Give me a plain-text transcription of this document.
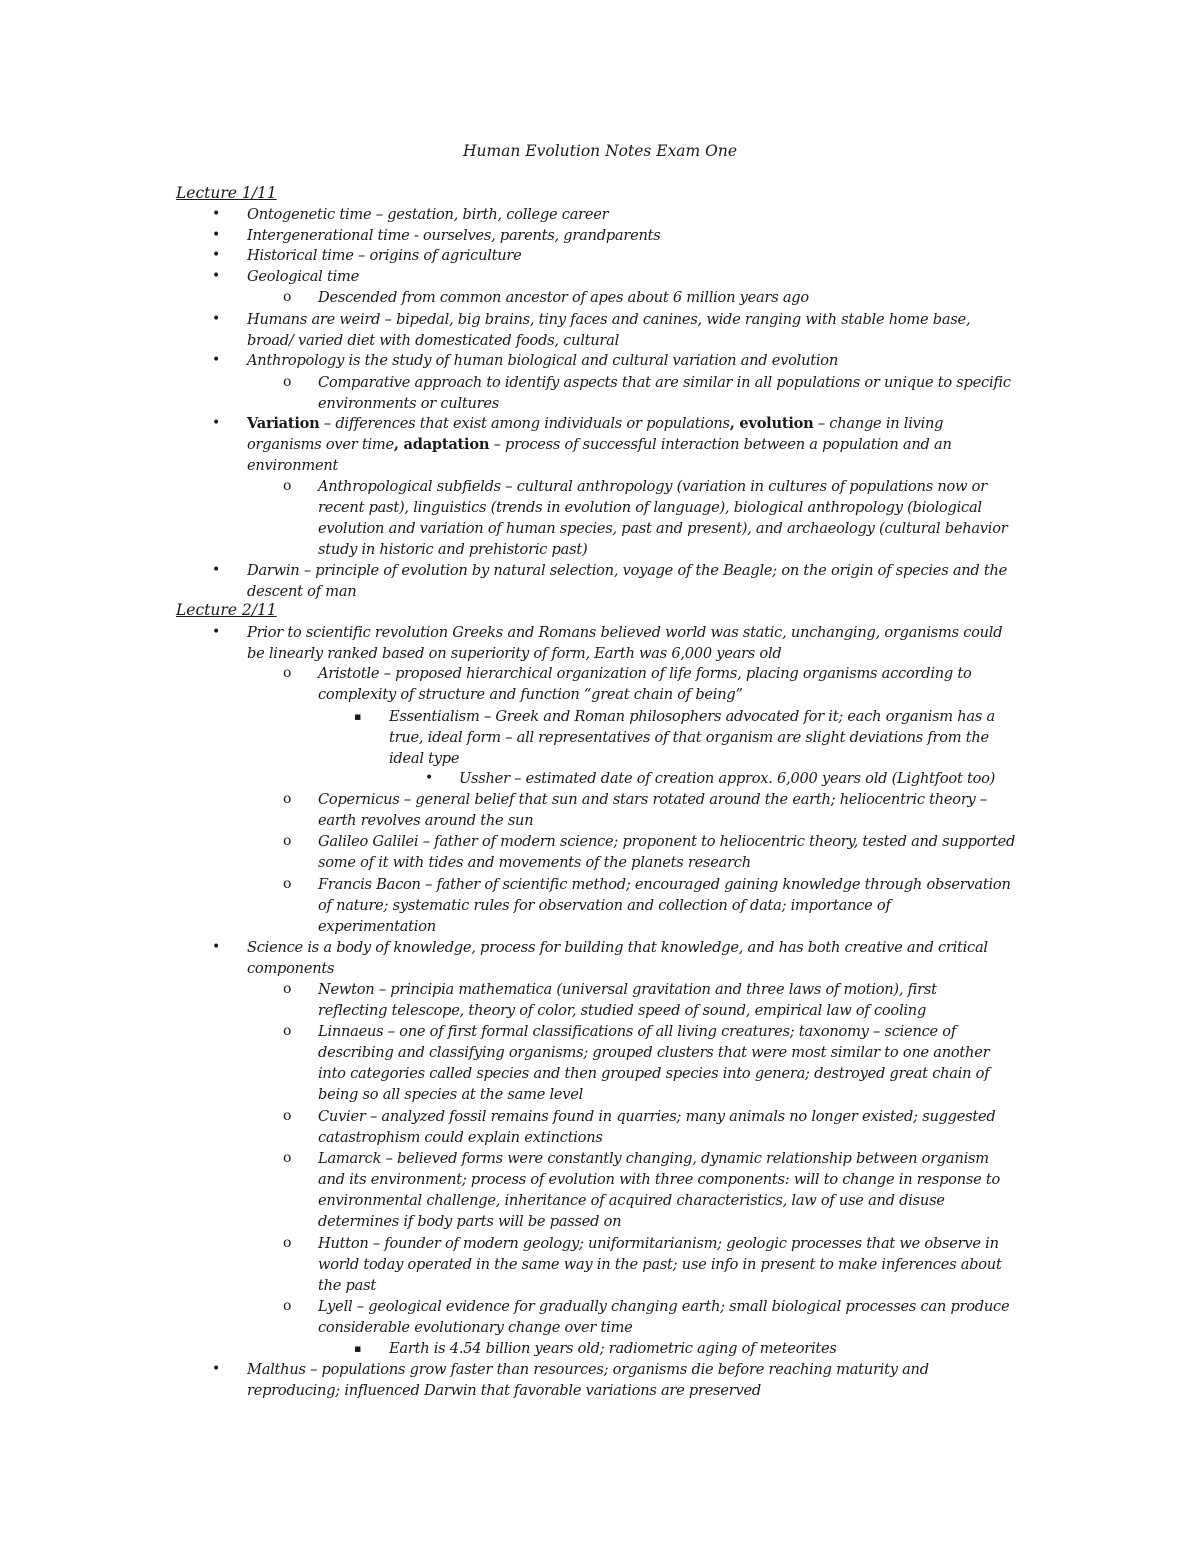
Human Evolution Notes Exam One
Lecture 1/11
• Ontogenetic time – gestation, birth, college career
• Intergenerational time - ourselves, parents, grandparents
• Historical time – origins of agriculture
• Geological time
o Descended from common ancestor of apes about 6 million years ago
• Humans are weird – bipedal, big brains, tiny faces and canines, wide ranging with stable home base,
broad/ varied diet with domesticated foods, cultural
• Anthropology is the study of human biological and cultural variation and evolution
o Comparative approach to identify aspects that are similar in all populations or unique to specific
environments or cultures
o Anthropological subfields – cultural anthropology (variation in cultures of populations now or
recent past), linguistics (trends in evolution of language), biological anthropology (biological
evolution and variation of human species, past and present), and archaeology (cultural behavior
study in historic and prehistoric past)
• Darwin – principle of evolution by natural selection, voyage of the Beagle; on the origin of species and the
descent of man
• Variation – differences that exist among individuals or populations, evolution – change in living
organisms over time, adaptation – process of successful interaction between a population and an
environment
• Prior to scientific revolution Greeks and Romans believed world was static, unchanging, organisms could
be linearly ranked based on superiority of form, Earth was 6,000 years old
o Aristotle – proposed hierarchical organization of life forms, placing organisms according to
complexity of structure and function “great chain of being”
▪ Essentialism – Greek and Roman philosophers advocated for it; each organism has a
true, ideal form – all representatives of that organism are slight deviations from the
ideal type
• Ussher – estimated date of creation approx. 6,000 years old (Lightfoot too)
o Copernicus – general belief that sun and stars rotated around the earth; heliocentric theory –
earth revolves around the sun
o Galileo Galilei – father of modern science; proponent to heliocentric theory, tested and supported
some of it with tides and movements of the planets research
o Francis Bacon – father of scientific method; encouraged gaining knowledge through observation
of nature; systematic rules for observation and collection of data; importance of
experimentation
• Science is a body of knowledge, process for building that knowledge, and has both creative and critical
components
o Newton – principia mathematica (universal gravitation and three laws of motion), first
reflecting telescope, theory of color, studied speed of sound, empirical law of cooling
o Linnaeus – one of first formal classifications of all living creatures; taxonomy – science of
describing and classifying organisms; grouped clusters that were most similar to one another
into categories called species and then grouped species into genera; destroyed great chain of
being so all species at the same level
o Cuvier – analyzed fossil remains found in quarries; many animals no longer existed; suggested
catastrophism could explain extinctions
o Lamarck – believed forms were constantly changing, dynamic relationship between organism
and its environment; process of evolution with three components: will to change in response to
environmental challenge, inheritance of acquired characteristics, law of use and disuse
determines if body parts will be passed on
o Hutton – founder of modern geology; uniformitarianism; geologic processes that we observe in
world today operated in the same way in the past; use info in present to make inferences about
the past
o Lyell – geological evidence for gradually changing earth; small biological processes can produce
considerable evolutionary change over time
▪ Earth is 4.54 billion years old; radiometric aging of meteorites
• Malthus – populations grow faster than resources; organisms die before reaching maturity and
reproducing; influenced Darwin that favorable variations are preserved
Lecture 2/11
